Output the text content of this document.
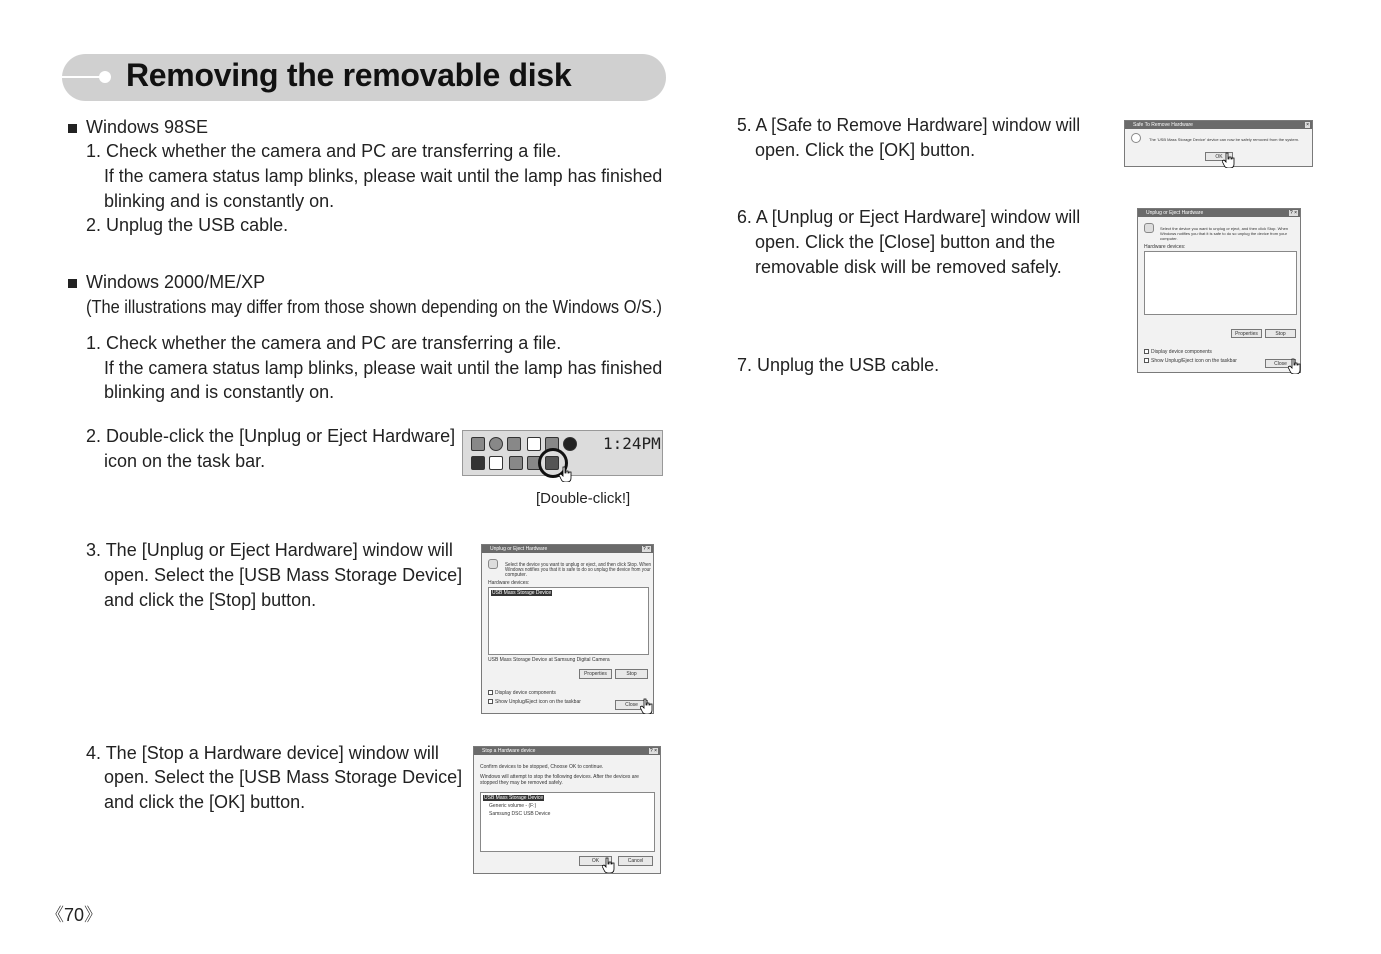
Removing the removable disk
Windows 98SE
1. Check whether the camera and PC are transferring a file.
If the camera status lamp blinks, please wait until the lamp has finished
blinking and is constantly on.
2. Unplug the USB cable.
Windows 2000/ME/XP
(The illustrations may differ from those shown depending on the Windows O/S.)
1. Check whether the camera and PC are transferring a file.
If the camera status lamp blinks, please wait until the lamp has finished
blinking and is constantly on.
2. Double-click the [Unplug or Eject Hardware]
icon on the task bar.
[Double-click!]
3. The [Unplug or Eject Hardware] window will
open. Select the [USB Mass Storage Device]
and click the [Stop] button.
4. The [Stop a Hardware device] window will
open. Select the [USB Mass Storage Device]
and click the [OK] button.
5. A [Safe to Remove Hardware] window will
open. Click the [OK] button.
6. A [Unplug or Eject Hardware] window will
open. Click the [Close] button and the
removable disk will be removed safely.
7. Unplug the USB cable.
1:24PM
Unplug or Eject Hardware	? ×
Select the device you want to unplug or eject, and then click Stop. When
Windows notifies you that it is safe to do so unplug the device from your
computer.
Hardware devices:
USB Mass Storage Device
USB Mass Storage Device at Samsung Digital Camera
Properties	Stop
Display device components
Show Unplug/Eject icon on the taskbar	Close
Stop a Hardware device	? ×
Confirm devices to be stopped, Choose OK to continue.
Windows will attempt to stop the following devices. After the devices are
stopped they may be removed safely.
USB Mass Storage Device
Generic volume - (F:)
Samsung DSC USB Device
OK	Cancel
Safe To Remove Hardware	×
The 'USB Mass Storage Device' device can now be safely removed from the system.
OK
Unplug or Eject Hardware	? ×
Select the device you want to unplug or eject, and then click Stop. When
Windows notifies you that it is safe to do so unplug the device from your
computer.
Hardware devices:
Properties	Stop
Display device components
Show Unplug/Eject icon on the taskbar	Close
《70》
